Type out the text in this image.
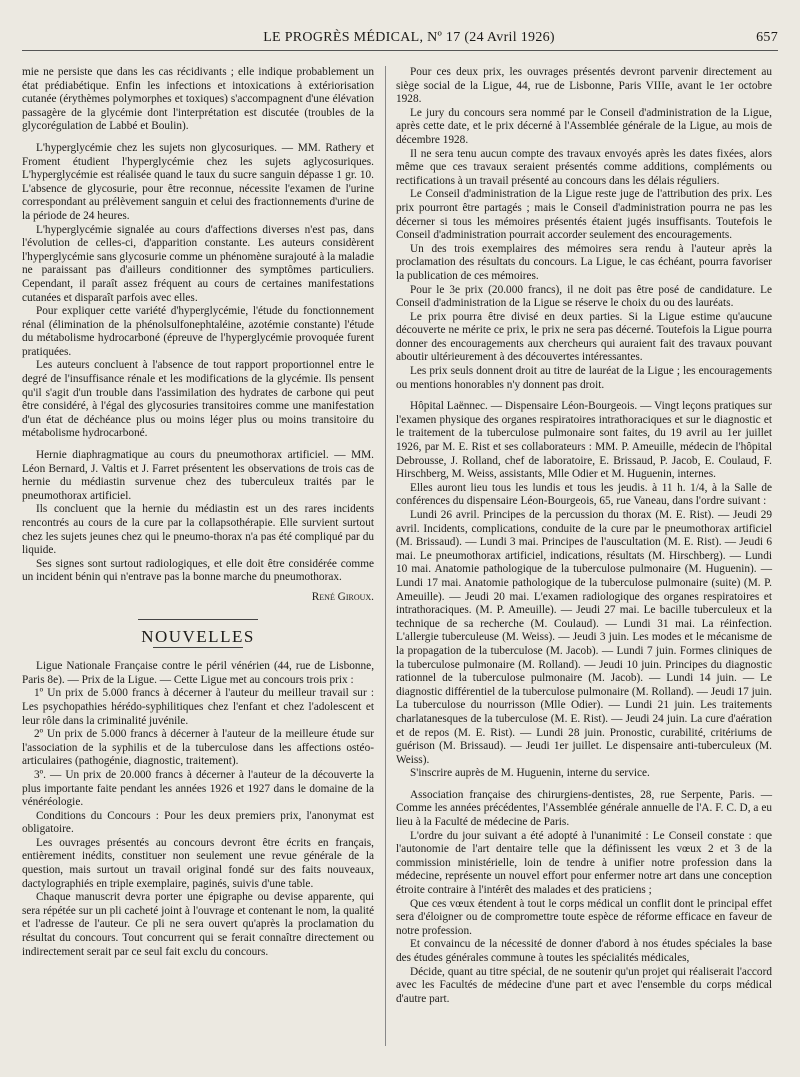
LE PROGRÈS MÉDICAL, Nº 17 (24 Avril 1926)	657

mie ne persiste que dans les cas récidivants ; elle indique probablement un état prédiabétique. Enfin les infections et intoxications à extériorisation cutanée (érythèmes polymorphes et toxiques) s'accompagnent d'une élévation passagère de la glycémie dont l'interprétation est discutée (troubles de la glycorégulation de Labbé et Boulin).

L'hyperglycémie chez les sujets non glycosuriques. — MM. Rathery et Froment étudient l'hyperglycémie chez les sujets aglycosuriques. L'hyperglycémie est réalisée quand le taux du sucre sanguin dépasse 1 gr. 10. L'absence de glycosurie, pour être reconnue, nécessite l'examen de l'urine correspondant au prélèvement sanguin et celui des fractionnements d'urine de la période de 24 heures.

L'hyperglycémie signalée au cours d'affections diverses n'est pas, dans l'évolution de celles-ci, d'apparition constante. Les auteurs considèrent l'hyperglycémie sans glycosurie comme un phénomène surajouté à la maladie ne paraissant pas d'ailleurs conditionner des symptômes particuliers. Cependant, il paraît assez fréquent au cours de certaines manifestations cutanées et disparaît parfois avec elles.

Pour expliquer cette variété d'hyperglycémie, l'étude du fonctionnement rénal (élimination de la phénolsulfonephtaléine, azotémie constante) l'étude du métabolisme hydrocarboné (épreuve de l'hyperglycémie provoquée furent pratiquées.

Les auteurs concluent à l'absence de tout rapport proportionnel entre le degré de l'insuffisance rénale et les modifications de la glycémie. Ils pensent qu'il s'agit d'un trouble dans l'assimilation des hydrates de carbone qui peut être considéré, à l'égal des glycosuries transitoires comme une manifestation d'un état de déchéance plus ou moins léger plus ou moins transitoire du métabolisme hydrocarboné.

Hernie diaphragmatique au cours du pneumothorax artificiel. — MM. Léon Bernard, J. Valtis et J. Farret présentent les observations de trois cas de hernie du médiastin survenue chez des tuberculeux traités par le pneumothorax artificiel.

Ils concluent que la hernie du médiastin est un des rares incidents rencontrés au cours de la cure par la collapsothérapie. Elle survient surtout chez les sujets jeunes chez qui le pneumo-thorax n'a pas été compliqué par du liquide.

Ses signes sont surtout radiologiques, et elle doit être considérée comme un incident bénin qui n'entrave pas la bonne marche du pneumothorax.

René Giroux.
NOUVELLES

Ligue Nationale Française contre le péril vénérien (44, rue de Lisbonne, Paris 8e). — Prix de la Ligue. — Cette Ligue met au concours trois prix :

1º Un prix de 5.000 francs à décerner à l'auteur du meilleur travail sur : Les psychopathies hérédo-syphilitiques chez l'enfant et chez l'adolescent et leur rôle dans la criminalité juvénile.

2º Un prix de 5.000 francs à décerner à l'auteur de la meilleure étude sur l'association de la syphilis et de la tuberculose dans les affections ostéo-articulaires (pathogénie, diagnostic, traitement).

3º. — Un prix de 20.000 francs à décerner à l'auteur de la découverte la plus importante faite pendant les années 1926 et 1927 dans le domaine de la vénéréologie.

Conditions du Concours : Pour les deux premiers prix, l'anonymat est obligatoire.

Les ouvrages présentés au concours devront être écrits en français, entièrement inédits, constituer non seulement une revue générale de la question, mais surtout un travail original fondé sur des faits nouveaux, dactylographiés en triple exemplaire, paginés, suivis d'une table.

Chaque manuscrit devra porter une épigraphe ou devise apparente, qui sera répétée sur un pli cacheté joint à l'ouvrage et contenant le nom, la qualité et l'adresse de l'auteur. Ce pli ne sera ouvert qu'après la proclamation du résultat du concours. Tout concurrent qui se ferait connaître directement ou indirectement serait par ce seul fait exclu du concours.

Pour ces deux prix, les ouvrages présentés devront parvenir directement au siège social de la Ligue, 44, rue de Lisbonne, Paris VIIIe, avant le 1er octobre 1928.

Le jury du concours sera nommé par le Conseil d'administration de la Ligue, après cette date, et le prix décerné à l'Assemblée générale de la Ligue, au mois de décembre 1928.

Il ne sera tenu aucun compte des travaux envoyés après les dates fixées, alors même que ces travaux seraient présentés comme additions, compléments ou rectifications à un travail présenté au concours dans les délais réguliers.

Le Conseil d'administration de la Ligue reste juge de l'attribution des prix. Les prix pourront être partagés ; mais le Conseil d'administration pourra ne pas les décerner si tous les mémoires présentés étaient jugés insuffisants. Toutefois le Conseil d'administration pourrait accorder seulement des encouragements.

Un des trois exemplaires des mémoires sera rendu à l'auteur après la proclamation des résultats du concours. La Ligue, le cas échéant, pourra favoriser la publication de ces mémoires.

Pour le 3e prix (20.000 francs), il ne doit pas être posé de candidature. Le Conseil d'administration de la Ligue se réserve le choix du ou des lauréats.

Le prix pourra être divisé en deux parties. Si la Ligue estime qu'aucune découverte ne mérite ce prix, le prix ne sera pas décerné. Toutefois la Ligue pourra donner des encouragements aux chercheurs qui auraient fait des travaux pouvant aboutir ultérieurement à des découvertes intéressantes.

Les prix seuls donnent droit au titre de lauréat de la Ligue ; les encouragements ou mentions honorables n'y donnent pas droit.

Hôpital Laënnec. — Dispensaire Léon-Bourgeois. — Vingt leçons pratiques sur l'examen physique des organes respiratoires intrathoraciques et sur le diagnostic et le traitement de la tuberculose pulmonaire sont faites, du 19 avril au 1er juillet 1926, par M. E. Rist et ses collaborateurs : MM. P. Ameuille, médecin de l'hôpital Debrousse, J. Rolland, chef de laboratoire, E. Brissaud, P. Jacob, E. Coulaud, F. Hirschberg, M. Weiss, assistants, Mlle Odier et M. Huguenin, internes.

Elles auront lieu tous les lundis et tous les jeudis. à 11 h. 1/4, à la Salle de conférences du dispensaire Léon-Bourgeois, 65, rue Vaneau, dans l'ordre suivant :

Lundi 26 avril. Principes de la percussion du thorax (M. E. Rist). — Jeudi 29 avril. Incidents, complications, conduite de la cure par le pneumothorax artificiel (M. Brissaud). — Lundi 3 mai. Principes de l'auscultation (M. E. Rist). — Jeudi 6 mai. Le pneumothorax artificiel, indications, résultats (M. Hirschberg). — Lundi 10 mai. Anatomie pathologique de la tuberculose pulmonaire (M. Huguenin). — Lundi 17 mai. Anatomie pathologique de la tuberculose pulmonaire (suite) (M. P. Ameuille). — Jeudi 20 mai. L'examen radiologique des organes respiratoires et intrathoraciques. (M. P. Ameuille). — Jeudi 27 mai. Le bacille tuberculeux et la technique de sa recherche (M. Coulaud). — Lundi 31 mai. La réinfection. L'allergie tuberculeuse (M. Weiss). — Jeudi 3 juin. Les modes et le mécanisme de la propagation de la tuberculose (M. Jacob). — Lundi 7 juin. Formes cliniques de la tuberculose pulmonaire (M. Rolland). — Jeudi 10 juin. Principes du diagnostic rationnel de la tuberculose pulmonaire (M. Jacob). — Lundi 14 juin. — Le diagnostic différentiel de la tuberculose pulmonaire (M. Rolland). — Jeudi 17 juin. La tuberculose du nourrisson (Mlle Odier). — Lundi 21 juin. Les traitements charlatanesques de la tuberculose (M. E. Rist). — Jeudi 24 juin. La cure d'aération et de repos (M. E. Rist). — Lundi 28 juin. Pronostic, curabilité, critériums de guérison (M. Brissaud). — Jeudi 1er juillet. Le dispensaire anti-tuberculeux (M. Weiss).

S'inscrire auprès de M. Huguenin, interne du service.

Association française des chirurgiens-dentistes, 28, rue Serpente, Paris. — Comme les années précédentes, l'Assemblée générale annuelle de l'A. F. C. D, a eu lieu à la Faculté de médecine de Paris.

L'ordre du jour suivant a été adopté à l'unanimité : Le Conseil constate : que l'autonomie de l'art dentaire telle que la définissent les vœux 2 et 3 de la commission ministérielle, loin de tendre à unifier notre profession dans la médecine, représente un nouvel effort pour enfermer notre art dans une conception étroite contraire à l'intérêt des malades et des praticiens ;

Que ces vœux étendent à tout le corps médical un conflit dont le principal effet sera d'éloigner ou de compromettre toute espèce de réforme efficace en faveur de notre profession.

Et convaincu de la nécessité de donner d'abord à nos études spéciales la base des études générales commune à toutes les spécialités médicales,

Décide, quant au titre spécial, de ne soutenir qu'un projet qui réaliserait l'accord avec les Facultés de médecine d'une part et avec l'ensemble du corps médical d'autre part.
